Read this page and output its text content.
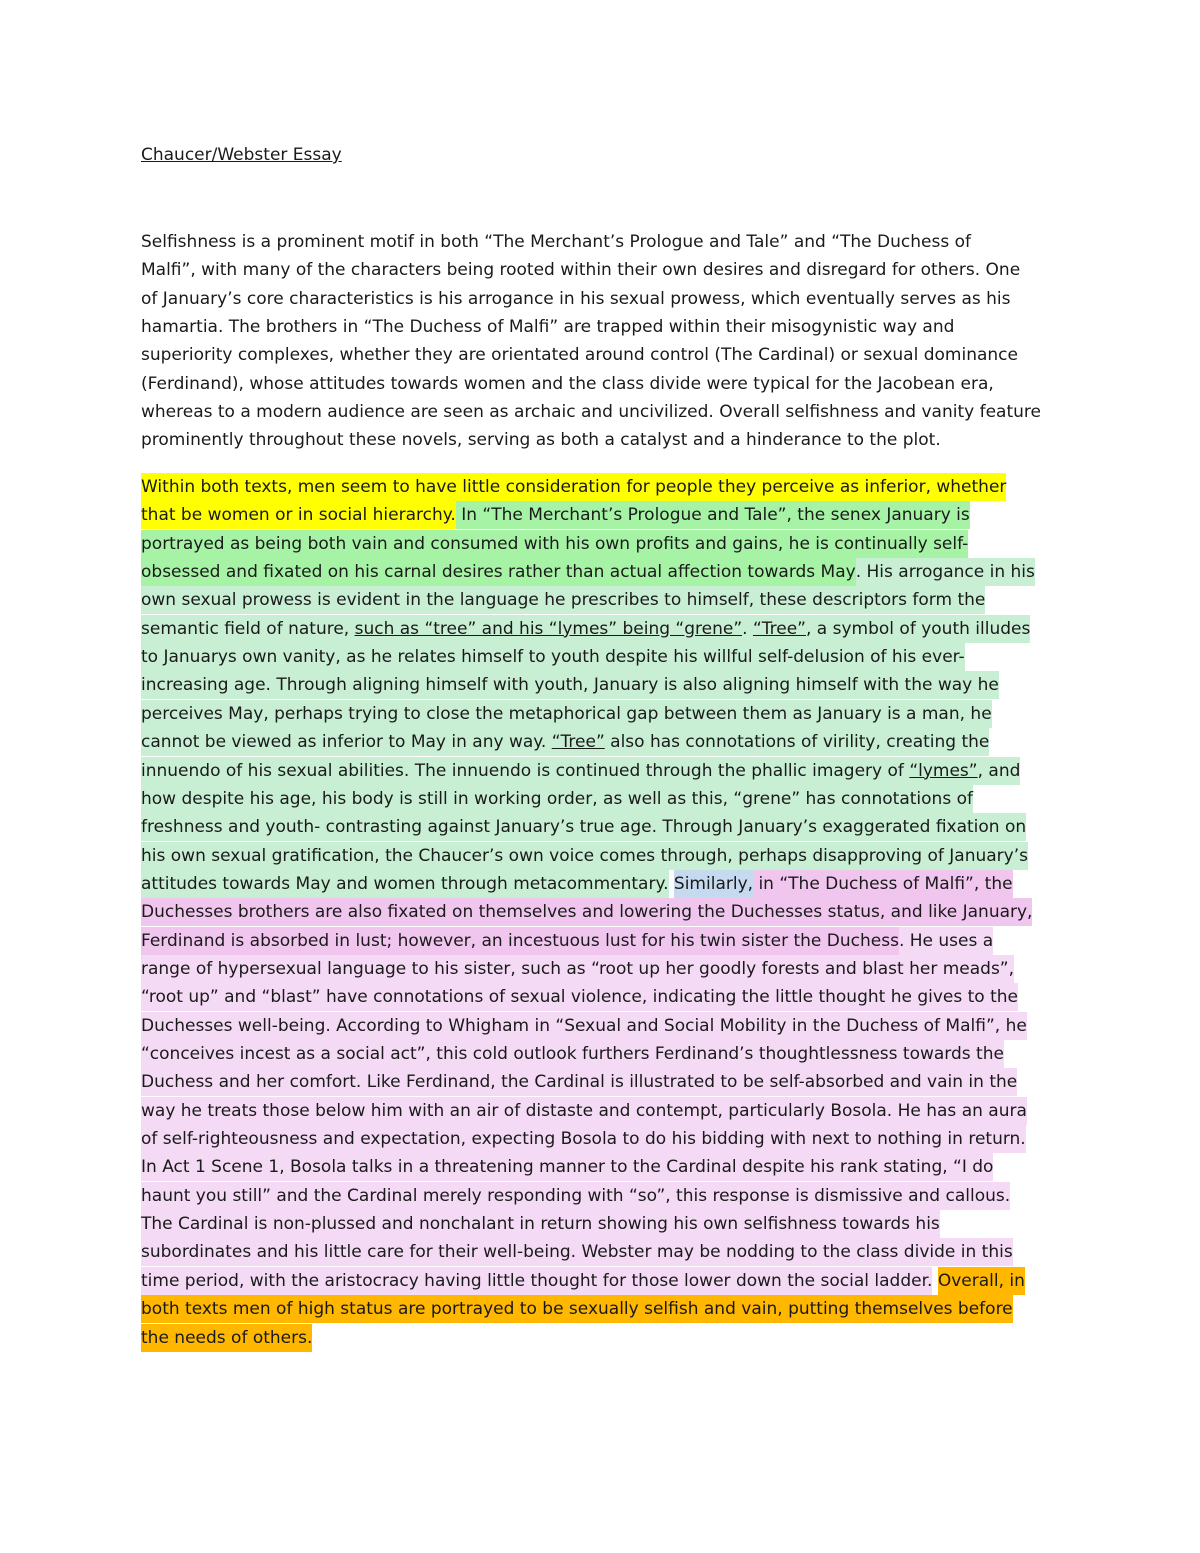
Chaucer/Webster Essay
Selfishness is a prominent motif in both “The Merchant’s Prologue and Tale” and “The Duchess of
Malfi”, with many of the characters being rooted within their own desires and disregard for others. One
of January’s core characteristics is his arrogance in his sexual prowess, which eventually serves as his
hamartia. The brothers in “The Duchess of Malfi” are trapped within their misogynistic way and
superiority complexes, whether they are orientated around control (The Cardinal) or sexual dominance
(Ferdinand), whose attitudes towards women and the class divide were typical for the Jacobean era,
whereas to a modern audience are seen as archaic and uncivilized. Overall selfishness and vanity feature
prominently throughout these novels, serving as both a catalyst and a hinderance to the plot.
Within both texts, men seem to have little consideration for people they perceive as inferior, whether
that be women or in social hierarchy. In “The Merchant’s Prologue and Tale”, the senex January is
portrayed as being both vain and consumed with his own profits and gains, he is continually self-
obsessed and fixated on his carnal desires rather than actual affection towards May. His arrogance in his
own sexual prowess is evident in the language he prescribes to himself, these descriptors form the
semantic field of nature, such as “tree” and his “lymes” being “grene”. “Tree”, a symbol of youth illudes
to Januarys own vanity, as he relates himself to youth despite his willful self-delusion of his ever-
increasing age. Through aligning himself with youth, January is also aligning himself with the way he
perceives May, perhaps trying to close the metaphorical gap between them as January is a man, he
cannot be viewed as inferior to May in any way. “Tree” also has connotations of virility, creating the
innuendo of his sexual abilities. The innuendo is continued through the phallic imagery of “lymes”, and
how despite his age, his body is still in working order, as well as this, “grene” has connotations of
freshness and youth- contrasting against January’s true age. Through January’s exaggerated fixation on
his own sexual gratification, the Chaucer’s own voice comes through, perhaps disapproving of January’s
attitudes towards May and women through metacommentary. Similarly, in “The Duchess of Malfi”, the
Duchesses brothers are also fixated on themselves and lowering the Duchesses status, and like January,
Ferdinand is absorbed in lust; however, an incestuous lust for his twin sister the Duchess. He uses a
range of hypersexual language to his sister, such as “root up her goodly forests and blast her meads”,
“root up” and “blast” have connotations of sexual violence, indicating the little thought he gives to the
Duchesses well-being. According to Whigham in “Sexual and Social Mobility in the Duchess of Malfi”, he
“conceives incest as a social act”, this cold outlook furthers Ferdinand’s thoughtlessness towards the
Duchess and her comfort. Like Ferdinand, the Cardinal is illustrated to be self-absorbed and vain in the
way he treats those below him with an air of distaste and contempt, particularly Bosola. He has an aura
of self-righteousness and expectation, expecting Bosola to do his bidding with next to nothing in return.
In Act 1 Scene 1, Bosola talks in a threatening manner to the Cardinal despite his rank stating, “I do
haunt you still” and the Cardinal merely responding with “so”, this response is dismissive and callous.
The Cardinal is non-plussed and nonchalant in return showing his own selfishness towards his
subordinates and his little care for their well-being. Webster may be nodding to the class divide in this
time period, with the aristocracy having little thought for those lower down the social ladder. Overall, in
both texts men of high status are portrayed to be sexually selfish and vain, putting themselves before
the needs of others.
